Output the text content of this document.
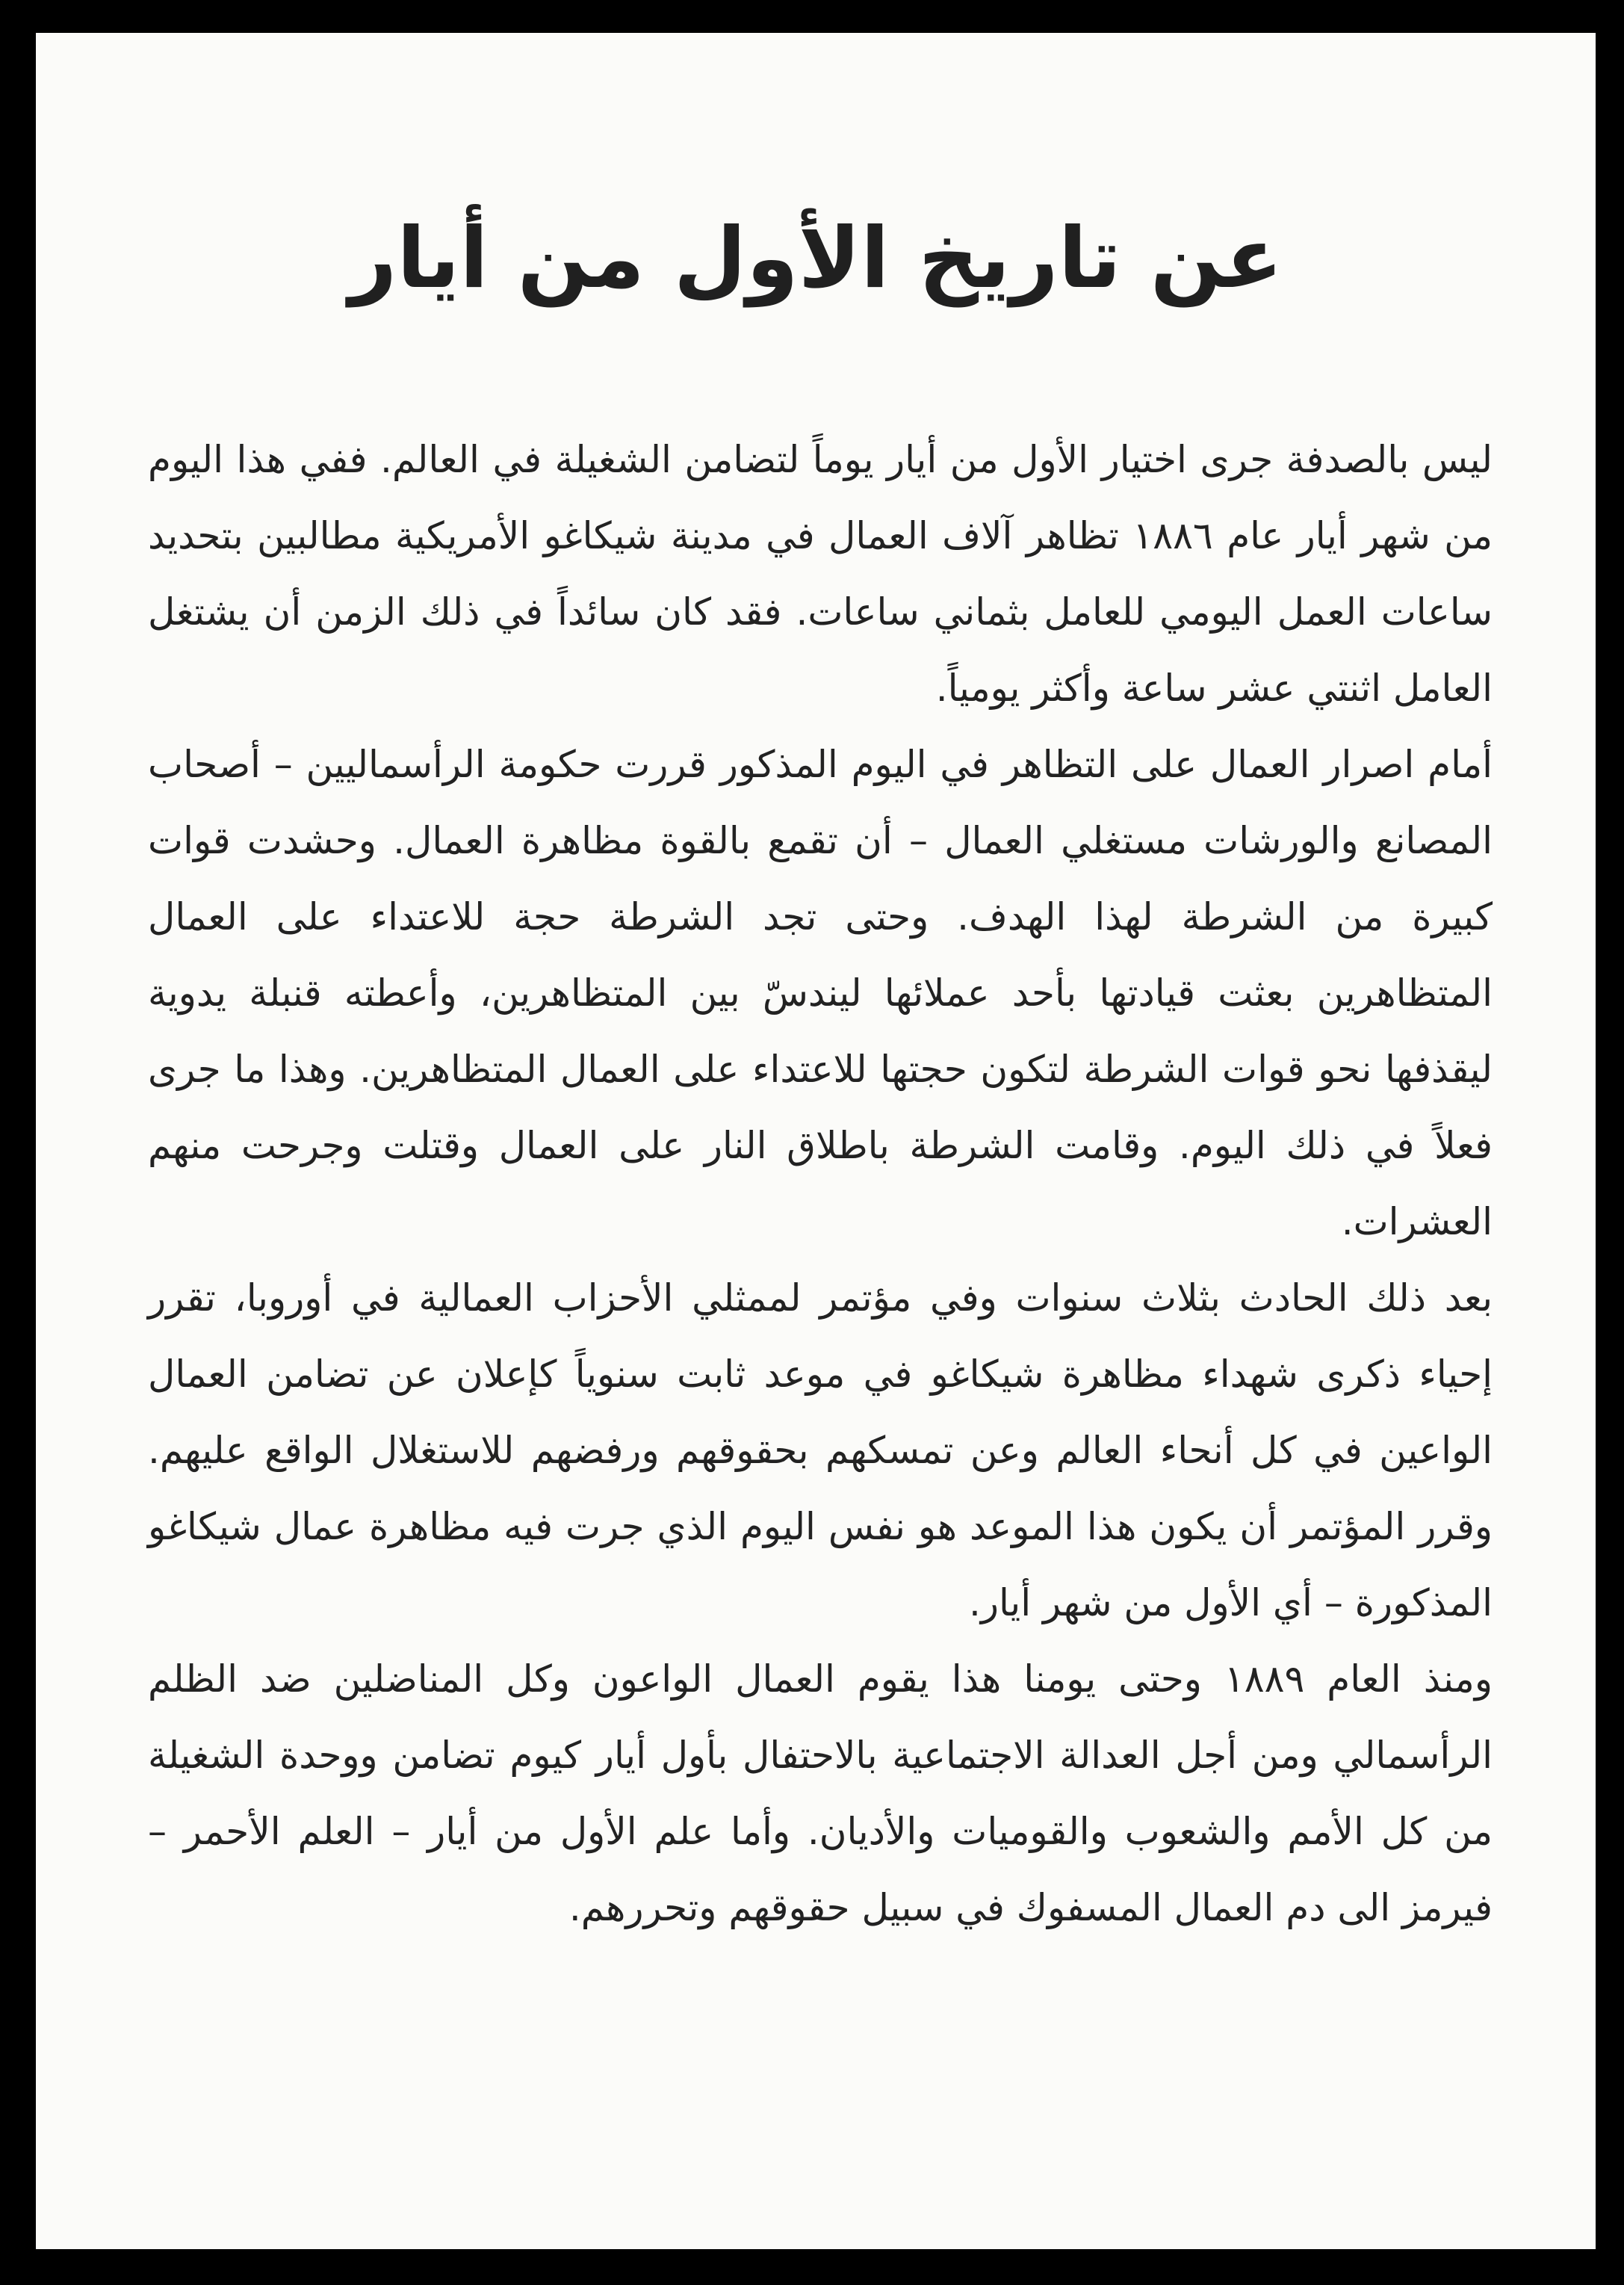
عن تاريخ الأول من أيار

ليس بالصدفة جرى اختيار الأول من أيار يوماً لتضامن الشغيلة في العالم. ففي هذا اليوم من شهر أيار عام ١٨٨٦ تظاهر آلاف العمال في مدينة شيكاغو الأمريكية مطالبين بتحديد ساعات العمل اليومي للعامل بثماني ساعات. فقد كان سائداً في ذلك الزمن أن يشتغل العامل اثنتي عشر ساعة وأكثر يومياً.

أمام اصرار العمال على التظاهر في اليوم المذكور قررت حكومة الرأسماليين – أصحاب المصانع والورشات مستغلي العمال – أن تقمع بالقوة مظاهرة العمال. وحشدت قوات كبيرة من الشرطة لهذا الهدف. وحتى تجد الشرطة حجة للاعتداء على العمال المتظاهرين بعثت قيادتها بأحد عملائها ليندسّ بين المتظاهرين، وأعطته قنبلة يدوية ليقذفها نحو قوات الشرطة لتكون حجتها للاعتداء على العمال المتظاهرين. وهذا ما جرى فعلاً في ذلك اليوم. وقامت الشرطة باطلاق النار على العمال وقتلت وجرحت منهم العشرات.

بعد ذلك الحادث بثلاث سنوات وفي مؤتمر لممثلي الأحزاب العمالية في أوروبا، تقرر إحياء ذكرى شهداء مظاهرة شيكاغو في موعد ثابت سنوياً كإعلان عن تضامن العمال الواعين في كل أنحاء العالم وعن تمسكهم بحقوقهم ورفضهم للاستغلال الواقع عليهم. وقرر المؤتمر أن يكون هذا الموعد هو نفس اليوم الذي جرت فيه مظاهرة عمال شيكاغو المذكورة – أي الأول من شهر أيار.

ومنذ العام ١٨٨٩ وحتى يومنا هذا يقوم العمال الواعون وكل المناضلين ضد الظلم الرأسمالي ومن أجل العدالة الاجتماعية بالاحتفال بأول أيار كيوم تضامن ووحدة الشغيلة من كل الأمم والشعوب والقوميات والأديان. وأما علم الأول من أيار – العلم الأحمر – فيرمز الى دم العمال المسفوك في سبيل حقوقهم وتحررهم.
